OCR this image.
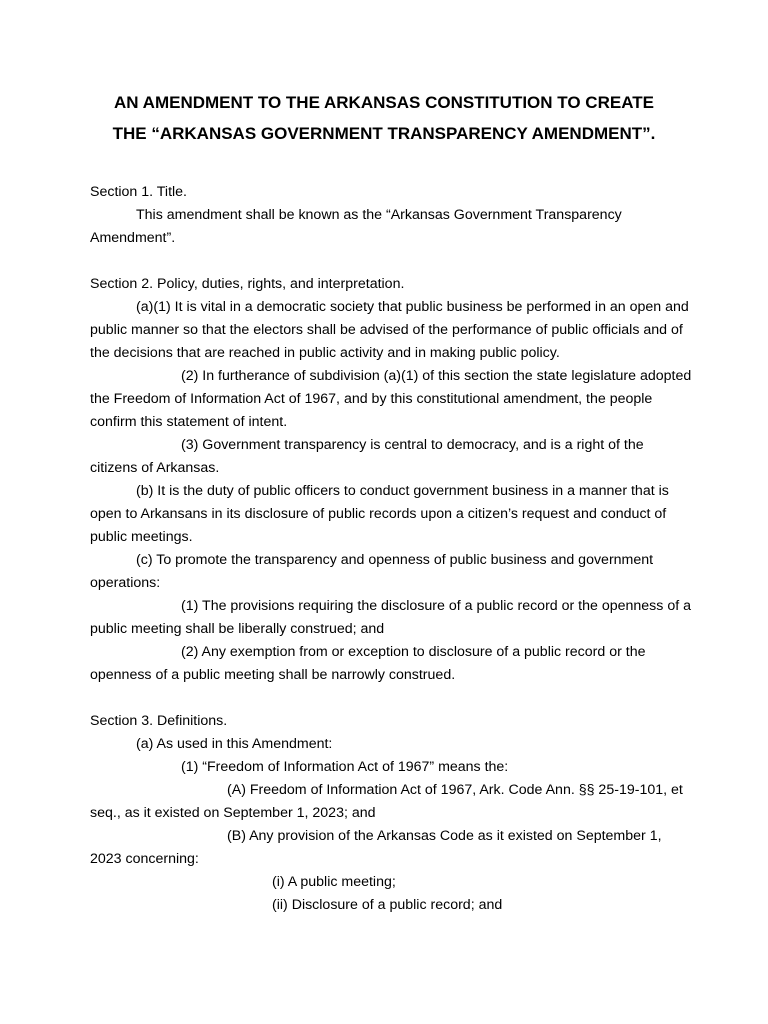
AN AMENDMENT TO THE ARKANSAS CONSTITUTION TO CREATE
THE “ARKANSAS GOVERNMENT TRANSPARENCY AMENDMENT”.
Section 1. Title.
This amendment shall be known as the “Arkansas Government Transparency
Amendment”.
Section 2. Policy, duties, rights, and interpretation.
(a)(1) It is vital in a democratic society that public business be performed in an open and
public manner so that the electors shall be advised of the performance of public officials and of
the decisions that are reached in public activity and in making public policy.
(2) In furtherance of subdivision (a)(1) of this section the state legislature adopted
the Freedom of Information Act of 1967, and by this constitutional amendment, the people
confirm this statement of intent.
(3) Government transparency is central to democracy, and is a right of the
citizens of Arkansas.
(b) It is the duty of public officers to conduct government business in a manner that is
open to Arkansans in its disclosure of public records upon a citizen’s request and conduct of
public meetings.
(c) To promote the transparency and openness of public business and government
operations:
(1) The provisions requiring the disclosure of a public record or the openness of a
public meeting shall be liberally construed; and
(2) Any exemption from or exception to disclosure of a public record or the
openness of a public meeting shall be narrowly construed.
Section 3. Definitions.
(a) As used in this Amendment:
(1) “Freedom of Information Act of 1967” means the:
(A) Freedom of Information Act of 1967, Ark. Code Ann. §§ 25-19-101, et
seq., as it existed on September 1, 2023; and
(B) Any provision of the Arkansas Code as it existed on September 1,
2023 concerning:
(i) A public meeting;
(ii) Disclosure of a public record; and
